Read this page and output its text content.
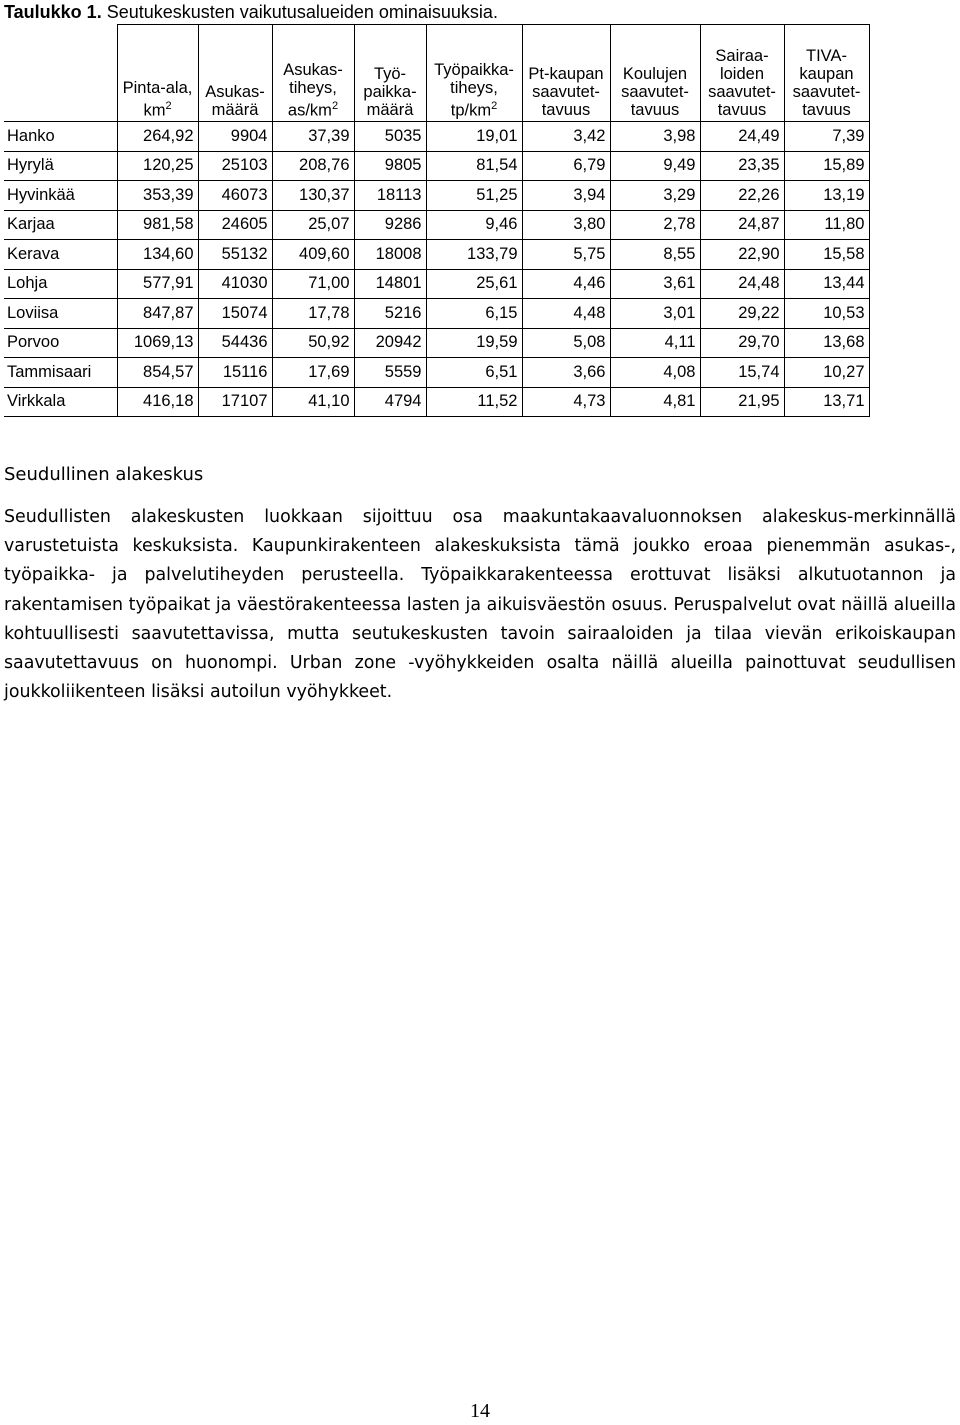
Taulukko 1. Seutukeskusten vaikutusalueiden ominaisuuksia.
	Pinta-ala, $km^2$	Asukas-määrä	Asukas-tiheys, $as/km^2$	Työ-paikka-määrä	Työpaikka-tiheys, $tp/km^2$	Pt-kaupan saavutet-tavuus	Koulujen saavutet-tavuus	Sairaa-loiden saavutet-tavuus	TIVA-kaupan saavutet-tavuus
Hanko	264,92	9904	37,39	5035	19,01	3,42	3,98	24,49	7,39
Hyrylä	120,25	25103	208,76	9805	81,54	6,79	9,49	23,35	15,89
Hyvinkää	353,39	46073	130,37	18113	51,25	3,94	3,29	22,26	13,19
Karjaa	981,58	24605	25,07	9286	9,46	3,80	2,78	24,87	11,80
Kerava	134,60	55132	409,60	18008	133,79	5,75	8,55	22,90	15,58
Lohja	577,91	41030	71,00	14801	25,61	4,46	3,61	24,48	13,44
Loviisa	847,87	15074	17,78	5216	6,15	4,48	3,01	29,22	10,53
Porvoo	1069,13	54436	50,92	20942	19,59	5,08	4,11	29,70	13,68
Tammisaari	854,57	15116	17,69	5559	6,51	3,66	4,08	15,74	10,27
Virkkala	416,18	17107	41,10	4794	11,52	4,73	4,81	21,95	13,71
Seudullinen alakeskus
Seudullisten alakeskusten luokkaan sijoittuu osa maakuntakaavaluonnoksen alakeskus-merkinnällä varustetuista keskuksista. Kaupunkirakenteen alakeskuksista tämä joukko eroaa pienemmän asukas-, työpaikka- ja palvelutiheyden perusteella. Työpaikkarakenteessa erottuvat lisäksi alkutuotannon ja rakentamisen työpaikat ja väestörakenteessa lasten ja aikuisväestön osuus. Peruspalvelut ovat näillä alueilla kohtuullisesti saavutettavissa, mutta seutukeskusten tavoin sairaaloiden ja tilaa vievän erikoiskaupan saavutettavuus on huonompi. Urban zone -vyöhykkeiden osalta näillä alueilla painottuvat seudullisen joukkoliikenteen lisäksi autoilun vyöhykkeet.
14
